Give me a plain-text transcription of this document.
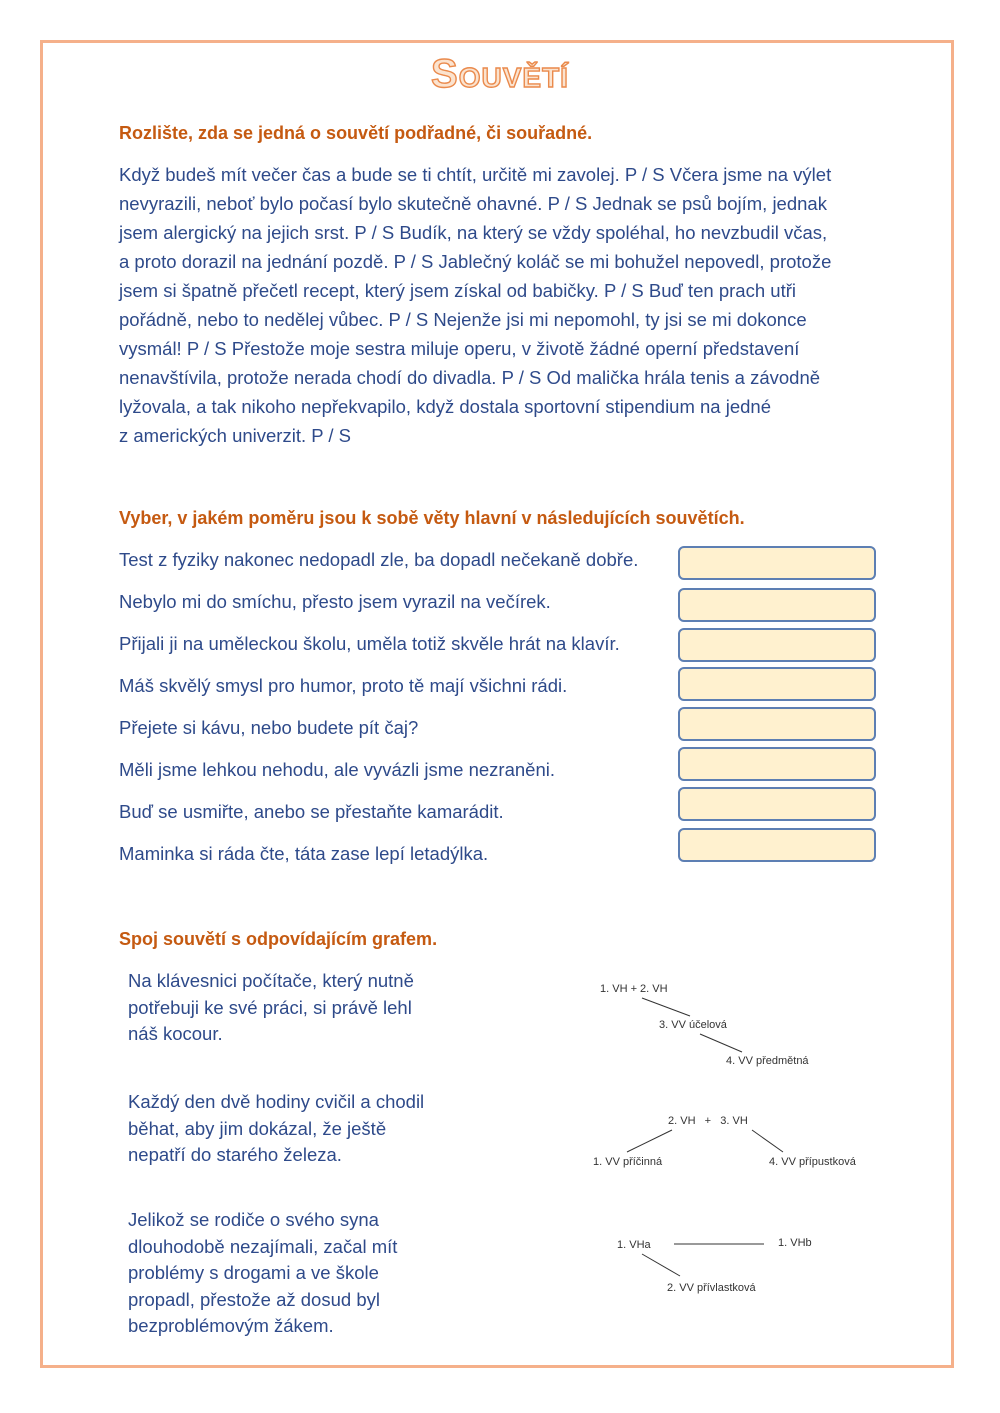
Souvětí
Rozlište, zda se jedná o souvětí podřadné, či souřadné.
Když budeš mít večer čas a bude se ti chtít, určitě mi zavolej. P / S Včera jsme na výlet
nevyrazili, neboť bylo počasí bylo skutečně ohavné. P / S Jednak se psů bojím, jednak
jsem alergický na jejich srst. P / S Budík, na který se vždy spoléhal, ho nevzbudil včas,
a proto dorazil na jednání pozdě. P / S Jablečný koláč se mi bohužel nepovedl, protože
jsem si špatně přečetl recept, který jsem získal od babičky. P / S Buď ten prach utři
pořádně, nebo to nedělej vůbec. P / S Nejenže jsi mi nepomohl, ty jsi se mi dokonce
vysmál! P / S Přestože moje sestra miluje operu, v životě žádné operní představení
nenavštívila, protože nerada chodí do divadla. P / S Od malička hrála tenis a závodně
lyžovala, a tak nikoho nepřekvapilo, když dostala sportovní stipendium na jedné
z amerických univerzit. P / S
Vyber, v jakém poměru jsou k sobě věty hlavní v následujících souvětích.
Test z fyziky nakonec nedopadl zle, ba dopadl nečekaně dobře.
Nebylo mi do smíchu, přesto jsem vyrazil na večírek.
Přijali ji na uměleckou školu, uměla totiž skvěle hrát na klavír.
Máš skvělý smysl pro humor, proto tě mají všichni rádi.
Přejete si kávu, nebo budete pít čaj?
Měli jsme lehkou nehodu, ale vyvázli jsme nezraněni.
Buď se usmiřte, anebo se přestaňte kamarádit.
Maminka si ráda čte, táta zase lepí letadýlka.
Spoj souvětí s odpovídajícím grafem.
Na klávesnici počítače, který nutně
potřebuji ke své práci, si právě lehl
náš kocour.
Každý den dvě hodiny cvičil a chodil
běhat, aby jim dokázal, že ještě
nepatří do starého železa.
Jelikož se rodiče o svého syna
dlouhodobě nezajímali, začal mít
problémy s drogami a ve škole
propadl, přestože až dosud byl
bezproblémovým žákem.
1. VH + 2. VH
3. VV účelová
4. VV předmětná
2. VH   +   3. VH
1. VV příčinná	4. VV přípustková
1. VHa	1. VHb
2. VV přívlastková
